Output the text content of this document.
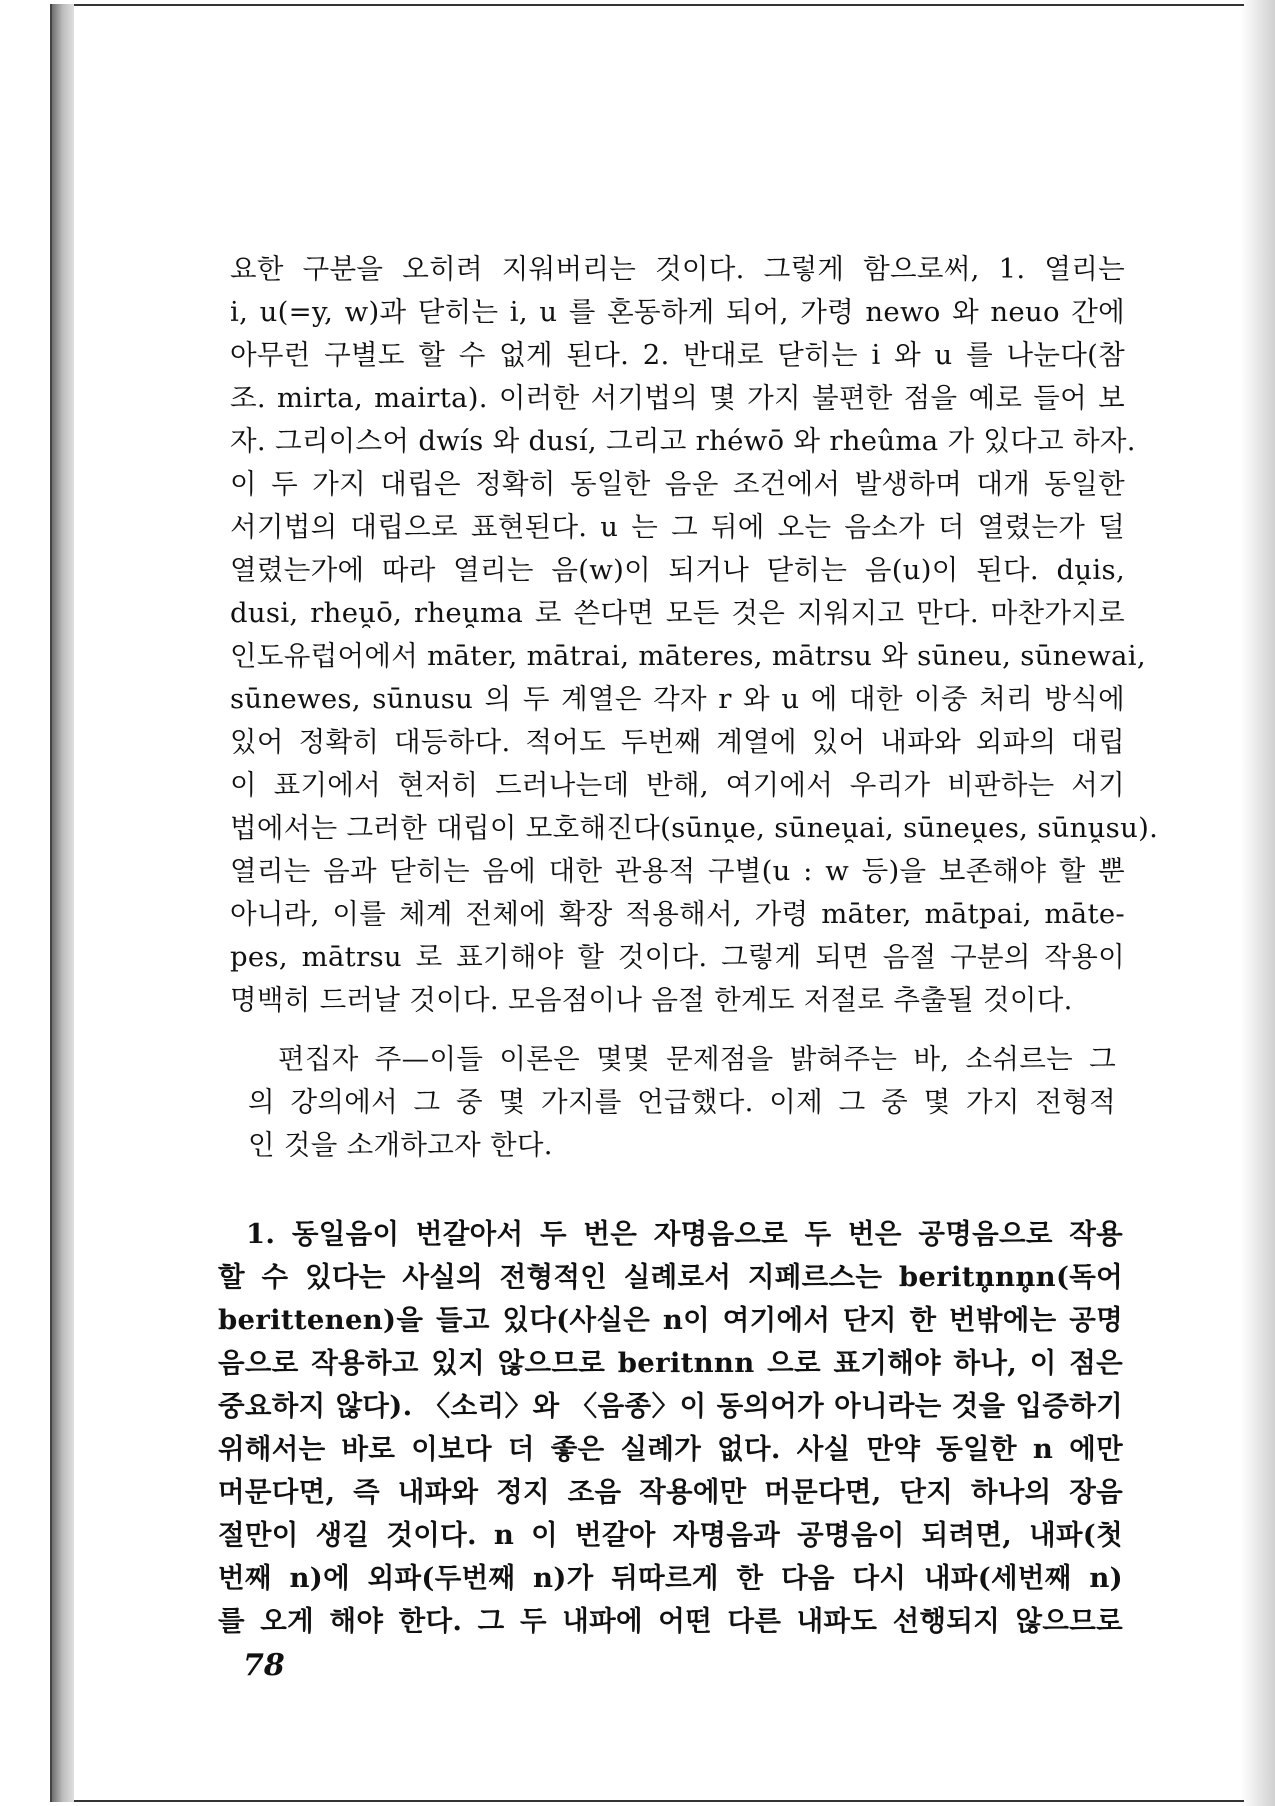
요한 구분을 오히려 지워버리는 것이다. 그렇게 함으로써, 1. 열리는
i, u(=y, w)과 닫히는 i, u 를 혼동하게 되어, 가령 newo 와 neuo 간에
아무런 구별도 할 수 없게 된다. 2. 반대로 닫히는 i 와 u 를 나눈다(참
조. mirta, mairta). 이러한 서기법의 몇 가지 불편한 점을 예로 들어 보
자. 그리이스어 dwís 와 dusí, 그리고 rhéwō 와 rheûma 가 있다고 하자.
이 두 가지 대립은 정확히 동일한 음운 조건에서 발생하며 대개 동일한
서기법의 대립으로 표현된다. u 는 그 뒤에 오는 음소가 더 열렸는가 덜
열렸는가에 따라 열리는 음(w)이 되거나 닫히는 음(u)이 된다. du̯is,
dusi, rheu̯ō, rheu̯ma 로 쓴다면 모든 것은 지워지고 만다. 마찬가지로
인도유럽어에서 māter, mātrai, māteres, mātrsu 와 sūneu, sūnewai,
sūnewes, sūnusu 의 두 계열은 각자 r 와 u 에 대한 이중 처리 방식에
있어 정확히 대등하다. 적어도 두번째 계열에 있어 내파와 외파의 대립
이 표기에서 현저히 드러나는데 반해, 여기에서 우리가 비판하는 서기
법에서는 그러한 대립이 모호해진다(sūnu̯e, sūneu̯ai, sūneu̯es, sūnu̯su).
열리는 음과 닫히는 음에 대한 관용적 구별(u : w 등)을 보존해야 할 뿐
아니라, 이를 체계 전체에 확장 적용해서, 가령 māter, mātpai, māte-
pes, mātrsu 로 표기해야 할 것이다. 그렇게 되면 음절 구분의 작용이
명백히 드러날 것이다. 모음점이나 음절 한계도 저절로 추출될 것이다.
편집자 주—이들 이론은 몇몇 문제점을 밝혀주는 바, 소쉬르는 그
의 강의에서 그 중 몇 가지를 언급했다. 이제 그 중 몇 가지 전형적
인 것을 소개하고자 한다.
1. 동일음이 번갈아서 두 번은 자명음으로 두 번은 공명음으로 작용
할 수 있다는 사실의 전형적인 실례로서 지페르스는 beritn̥nn̥n(독어
berittenen)을 들고 있다(사실은 n이 여기에서 단지 한 번밖에는 공명
음으로 작용하고 있지 않으므로 beritnnn 으로 표기해야 하나, 이 점은
중요하지 않다). 〈소리〉와 〈음종〉이 동의어가 아니라는 것을 입증하기
위해서는 바로 이보다 더 좋은 실례가 없다. 사실 만약 동일한 n 에만
머문다면, 즉 내파와 정지 조음 작용에만 머문다면, 단지 하나의 장음
절만이 생길 것이다. n 이 번갈아 자명음과 공명음이 되려면, 내파(첫
번째 n)에 외파(두번째 n)가 뒤따르게 한 다음 다시 내파(세번째 n)
를 오게 해야 한다. 그 두 내파에 어떤 다른 내파도 선행되지 않으므로
78
